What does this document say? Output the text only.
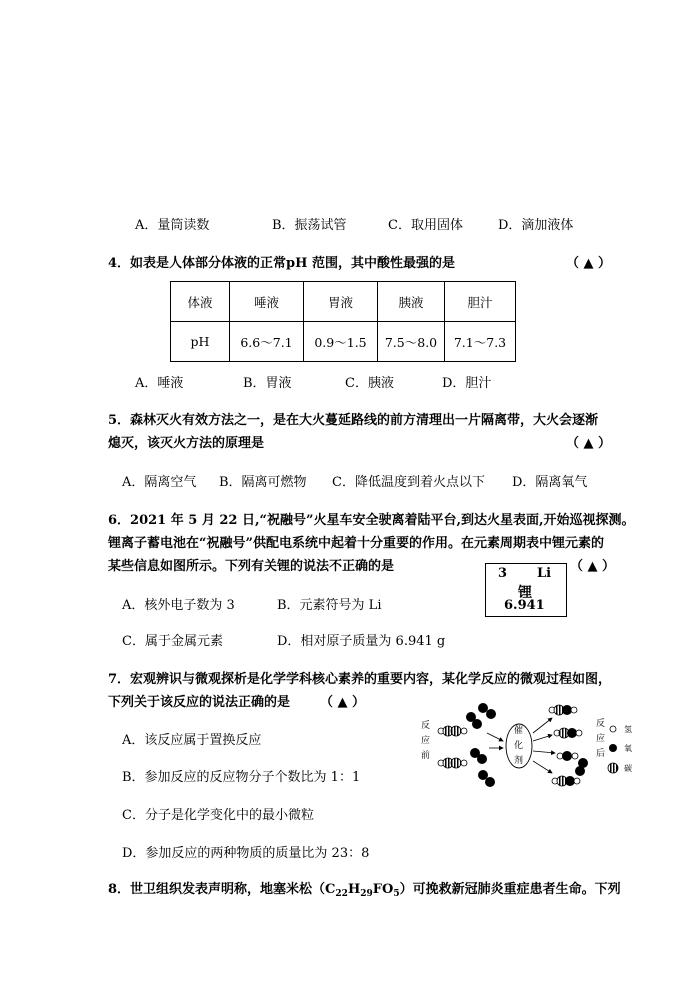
A．量筒读数	B．振荡试管	C．取用固体	D．滴加液体
4．如表是人体部分体液的正常pH 范围，其中酸性最强的是	（ ▲ ）
体液	唾液	胃液	胰液	胆汁
pH	6.6～7.1	0.9～1.5	7.5～8.0	7.1～7.3
A．唾液	B．胃液	C．胰液	D．胆汁
5．森林灭火有效方法之一，是在大火蔓延路线的前方清理出一片隔离带，大火会逐渐
熄灭，该灭火方法的原理是	（ ▲ ）
A．隔离空气 B．隔离可燃物 C．降低温度到着火点以下 D．隔离氧气
6．2021 年 5 月 22 日,“祝融号”火星车安全驶离着陆平台,到达火星表面,开始巡视探测。
锂离子蓄电池在“祝融号”供配电系统中起着十分重要的作用。在元素周期表中锂元素的
某些信息如图所示。下列有关锂的说法不正确的是	（ ▲ ）
3 Li
锂
6.941
A．核外电子数为 3	B．元素符号为 Li
C．属于金属元素	D．相对原子质量为 6.941 g
7．宏观辨识与微观探析是化学学科核心素养的重要内容，某化学反应的微观过程如图，
下列关于该反应的说法正确的是 （ ▲ ）
A．该反应属于置换反应
B．参加反应的反应物分子个数比为 1：1
C．分子是化学变化中的最小微粒
D．参加反应的两种物质的质量比为 23：8
反
应
前
催
化
剂
反
应
后
氢
氧
碳
8．世卫组织发表声明称，地塞米松$(C_{22}H_{29}FO_5)$可挽救新冠肺炎重症患者生命。下列
